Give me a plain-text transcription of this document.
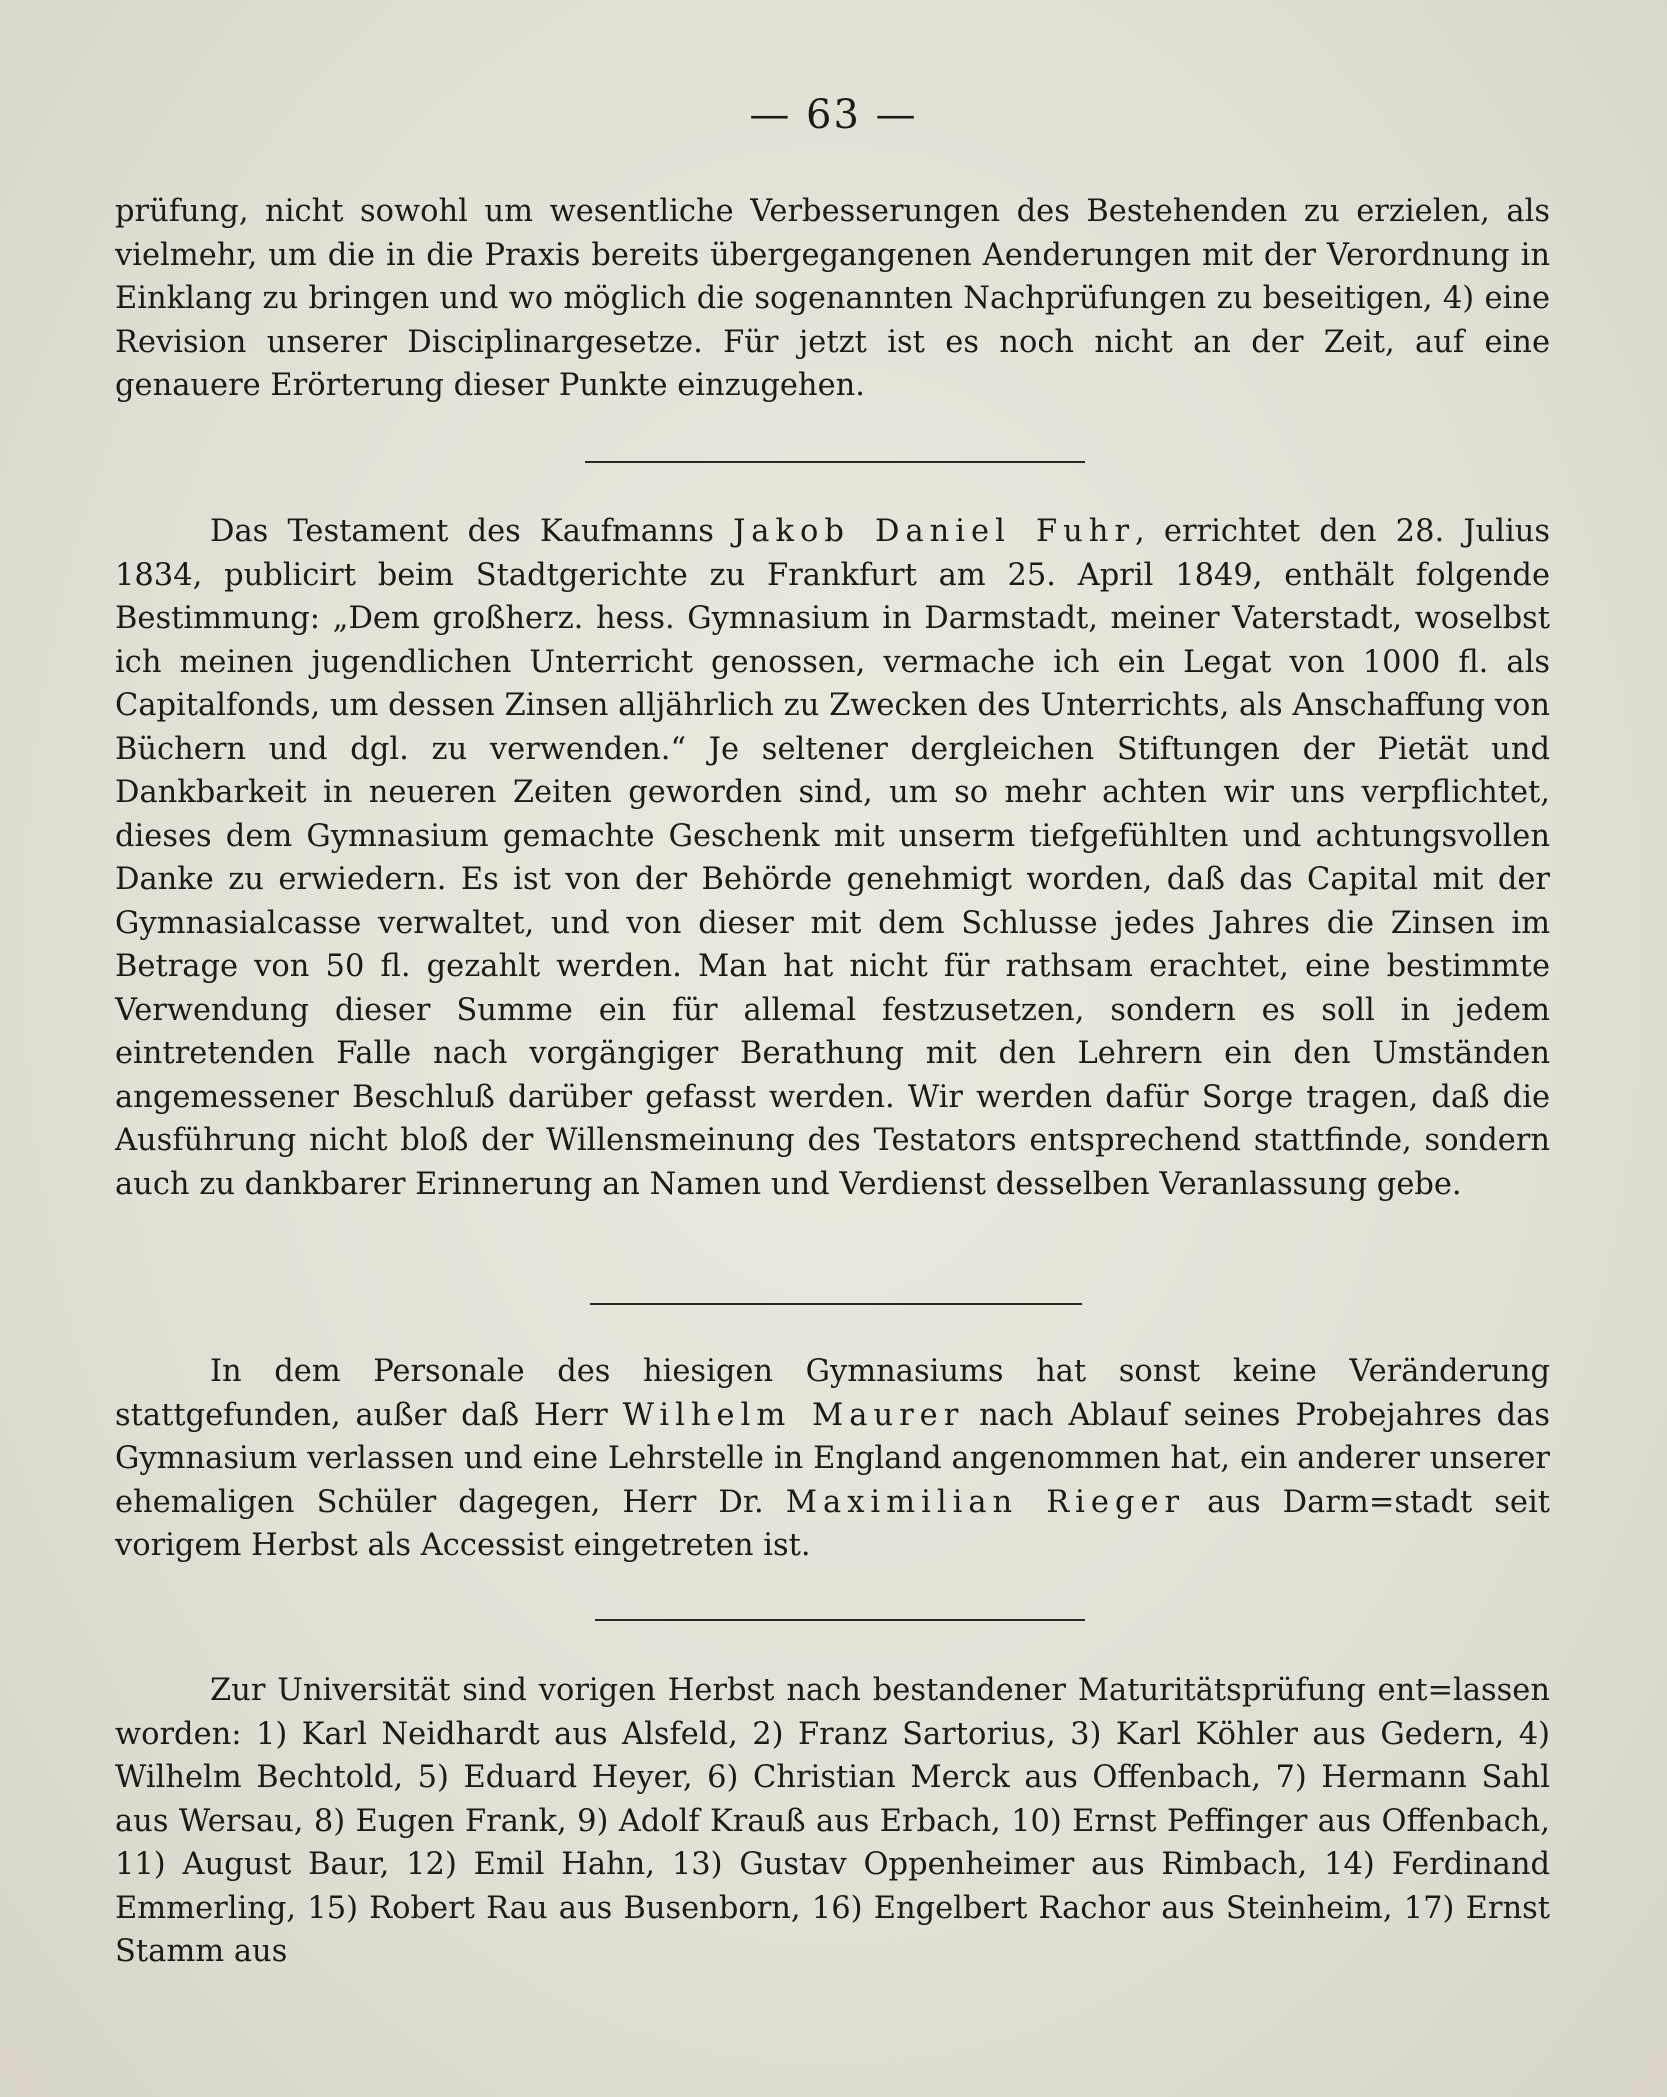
— 63 —

prüfung, nicht sowohl um wesentliche Verbesserungen des Bestehenden zu erzielen, als vielmehr, um die in die Praxis bereits übergegangenen Aenderungen mit der Verordnung in Einklang zu bringen und wo möglich die sogenannten Nachprüfungen zu beseitigen, 4) eine Revision unserer Disciplinargesetze. Für jetzt ist es noch nicht an der Zeit, auf eine genauere Erörterung dieser Punkte einzugehen.

Das Testament des Kaufmanns Jakob Daniel Fuhr, errichtet den 28. Julius 1834, publicirt beim Stadtgerichte zu Frankfurt am 25. April 1849, enthält folgende Bestimmung: „Dem großherz. hess. Gymnasium in Darmstadt, meiner Vaterstadt, woselbst ich meinen jugendlichen Unterricht genossen, vermache ich ein Legat von 1000 fl. als Capitalfonds, um dessen Zinsen alljährlich zu Zwecken des Unterrichts, als Anschaffung von Büchern und dgl. zu verwenden.“ Je seltener dergleichen Stiftungen der Pietät und Dankbarkeit in neueren Zeiten geworden sind, um so mehr achten wir uns verpflichtet, dieses dem Gymnasium gemachte Geschenk mit unserm tiefgefühlten und achtungsvollen Danke zu erwiedern. Es ist von der Behörde genehmigt worden, daß das Capital mit der Gymnasialcasse verwaltet, und von dieser mit dem Schlusse jedes Jahres die Zinsen im Betrage von 50 fl. gezahlt werden. Man hat nicht für rathsam erachtet, eine bestimmte Verwendung dieser Summe ein für allemal festzusetzen, sondern es soll in jedem eintretenden Falle nach vorgängiger Berathung mit den Lehrern ein den Umständen angemessener Beschluß darüber gefasst werden. Wir werden dafür Sorge tragen, daß die Ausführung nicht bloß der Willensmeinung des Testators entsprechend stattfinde, sondern auch zu dankbarer Erinnerung an Namen und Verdienst desselben Veranlassung gebe.

In dem Personale des hiesigen Gymnasiums hat sonst keine Veränderung stattgefunden, außer daß Herr Wilhelm Maurer nach Ablauf seines Probejahres das Gymnasium verlassen und eine Lehrstelle in England angenommen hat, ein anderer unserer ehemaligen Schüler dagegen, Herr Dr. Maximilian Rieger aus Darm=stadt seit vorigem Herbst als Accessist eingetreten ist.

Zur Universität sind vorigen Herbst nach bestandener Maturitätsprüfung ent=lassen worden: 1) Karl Neidhardt aus Alsfeld, 2) Franz Sartorius, 3) Karl Köhler aus Gedern, 4) Wilhelm Bechtold, 5) Eduard Heyer, 6) Christian Merck aus Offenbach, 7) Hermann Sahl aus Wersau, 8) Eugen Frank, 9) Adolf Krauß aus Erbach, 10) Ernst Peffinger aus Offenbach, 11) August Baur, 12) Emil Hahn, 13) Gustav Oppenheimer aus Rimbach, 14) Ferdinand Emmerling, 15) Robert Rau aus Busenborn, 16) Engelbert Rachor aus Steinheim, 17) Ernst Stamm aus
